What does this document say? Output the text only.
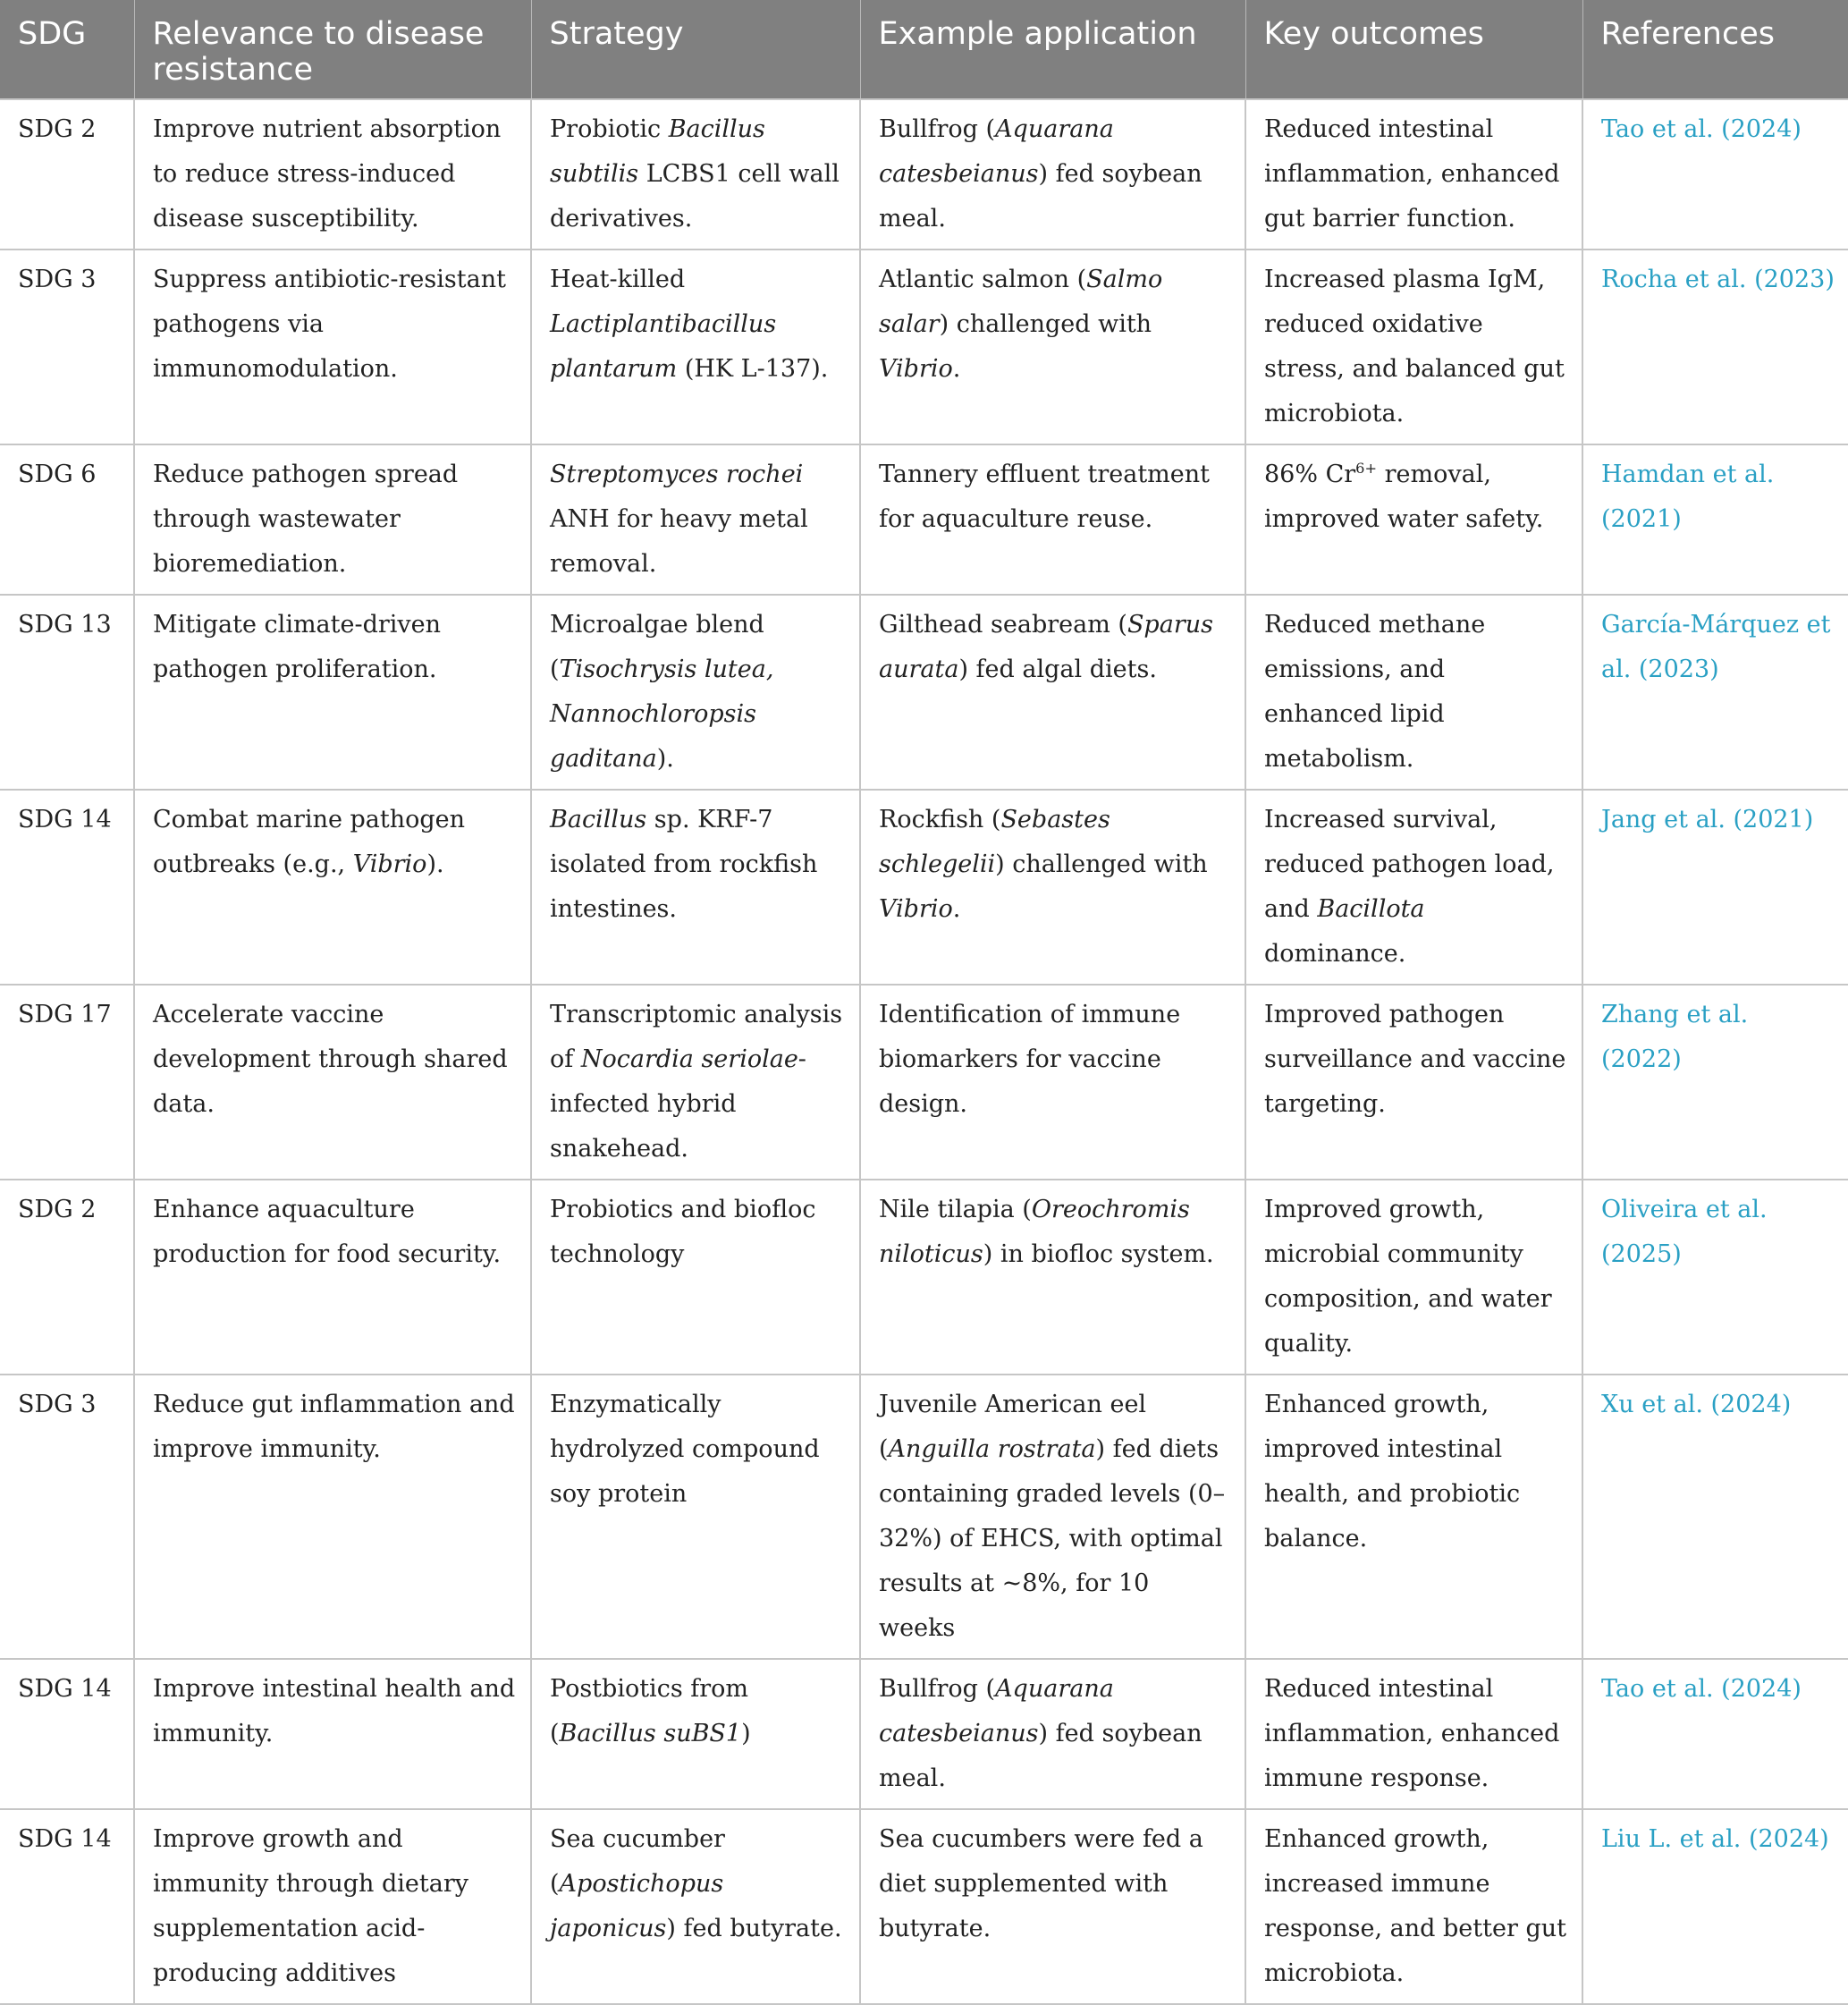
SDG	Relevance to disease resistance	Strategy	Example application	Key outcomes	References
SDG 2	Improve nutrient absorption to reduce stress-induced disease susceptibility.	Probiotic Bacillus subtilis LCBS1 cell wall derivatives.	Bullfrog (Aquarana catesbeianus) fed soybean meal.	Reduced intestinal inflammation, enhanced gut barrier function.	Tao et al. (2024)
SDG 3	Suppress antibiotic-resistant pathogens via immunomodulation.	Heat-killed Lactiplantibacillus plantarum (HK L-137).	Atlantic salmon (Salmo salar) challenged with Vibrio.	Increased plasma IgM, reduced oxidative stress, and balanced gut microbiota.	Rocha et al. (2023)
SDG 6	Reduce pathogen spread through wastewater bioremediation.	Streptomyces rochei ANH for heavy metal removal.	Tannery effluent treatment for aquaculture reuse.	86% $Cr^{6+}$ removal, improved water safety.	Hamdan et al. (2021)
SDG 13	Mitigate climate-driven pathogen proliferation.	Microalgae blend (Tisochrysis lutea, Nannochloropsis gaditana).	Gilthead seabream (Sparus aurata) fed algal diets.	Reduced methane emissions, and enhanced lipid metabolism.	García-Márquez et al. (2023)
SDG 14	Combat marine pathogen outbreaks (e.g., Vibrio).	Bacillus sp. KRF-7 isolated from rockfish intestines.	Rockfish (Sebastes schlegelii) challenged with Vibrio.	Increased survival, reduced pathogen load, and Bacillota dominance.	Jang et al. (2021)
SDG 17	Accelerate vaccine development through shared data.	Transcriptomic analysis of Nocardia seriolae-infected hybrid snakehead.	Identification of immune biomarkers for vaccine design.	Improved pathogen surveillance and vaccine targeting.	Zhang et al. (2022)
SDG 2	Enhance aquaculture production for food security.	Probiotics and biofloc technology	Nile tilapia (Oreochromis niloticus) in biofloc system.	Improved growth, microbial community composition, and water quality.	Oliveira et al. (2025)
SDG 3	Reduce gut inflammation and improve immunity.	Enzymatically hydrolyzed compound soy protein	Juvenile American eel (Anguilla rostrata) fed diets containing graded levels (0–32%) of EHCS, with optimal results at ~8%, for 10 weeks	Enhanced growth, improved intestinal health, and probiotic balance.	Xu et al. (2024)
SDG 14	Improve intestinal health and immunity.	Postbiotics from (Bacillus suBS1)	Bullfrog (Aquarana catesbeianus) fed soybean meal.	Reduced intestinal inflammation, enhanced immune response.	Tao et al. (2024)
SDG 14	Improve growth and immunity through dietary supplementation acid-producing additives	Sea cucumber (Apostichopus japonicus) fed butyrate.	Sea cucumbers were fed a diet supplemented with butyrate.	Enhanced growth, increased immune response, and better gut microbiota.	Liu L. et al. (2024)
